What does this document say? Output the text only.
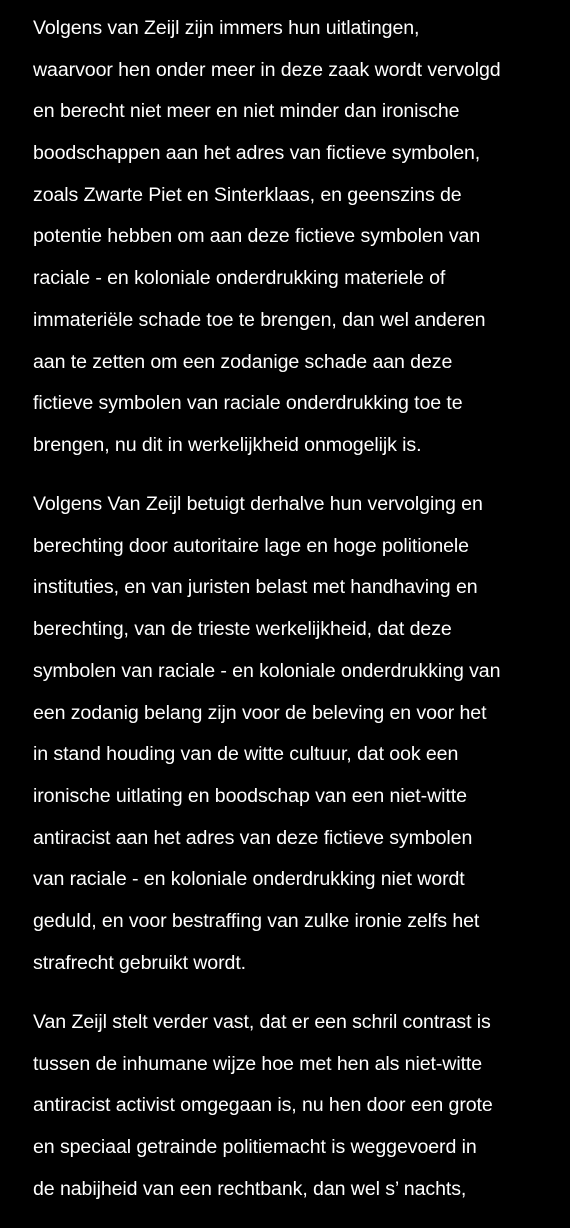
Volgens van Zeijl zijn immers hun uitlatingen,
waarvoor hen onder meer in deze zaak wordt vervolgd
en berecht niet meer en niet minder dan ironische
boodschappen aan het adres van fictieve symbolen,
zoals Zwarte Piet en Sinterklaas, en geenszins de
potentie hebben om aan deze fictieve symbolen van
raciale - en koloniale onderdrukking materiele of
immateriële schade toe te brengen, dan wel anderen
aan te zetten om een zodanige schade aan deze
fictieve symbolen van raciale onderdrukking toe te
brengen, nu dit in werkelijkheid onmogelijk is.
Volgens Van Zeijl betuigt derhalve hun vervolging en
berechting door autoritaire lage en hoge politionele
instituties, en van juristen belast met handhaving en
berechting, van de trieste werkelijkheid, dat deze
symbolen van raciale - en koloniale onderdrukking van
een zodanig belang zijn voor de beleving en voor het
in stand houding van de witte cultuur, dat ook een
ironische uitlating en boodschap van een niet-witte
antiracist aan het adres van deze fictieve symbolen
van raciale - en koloniale onderdrukking niet wordt
geduld, en voor bestraffing van zulke ironie zelfs het
strafrecht gebruikt wordt.
Van Zeijl stelt verder vast, dat er een schril contrast is
tussen de inhumane wijze hoe met hen als niet-witte
antiracist activist omgegaan is, nu hen door een grote
en speciaal getrainde politiemacht is weggevoerd in
de nabijheid van een rechtbank, dan wel s’ nachts,
